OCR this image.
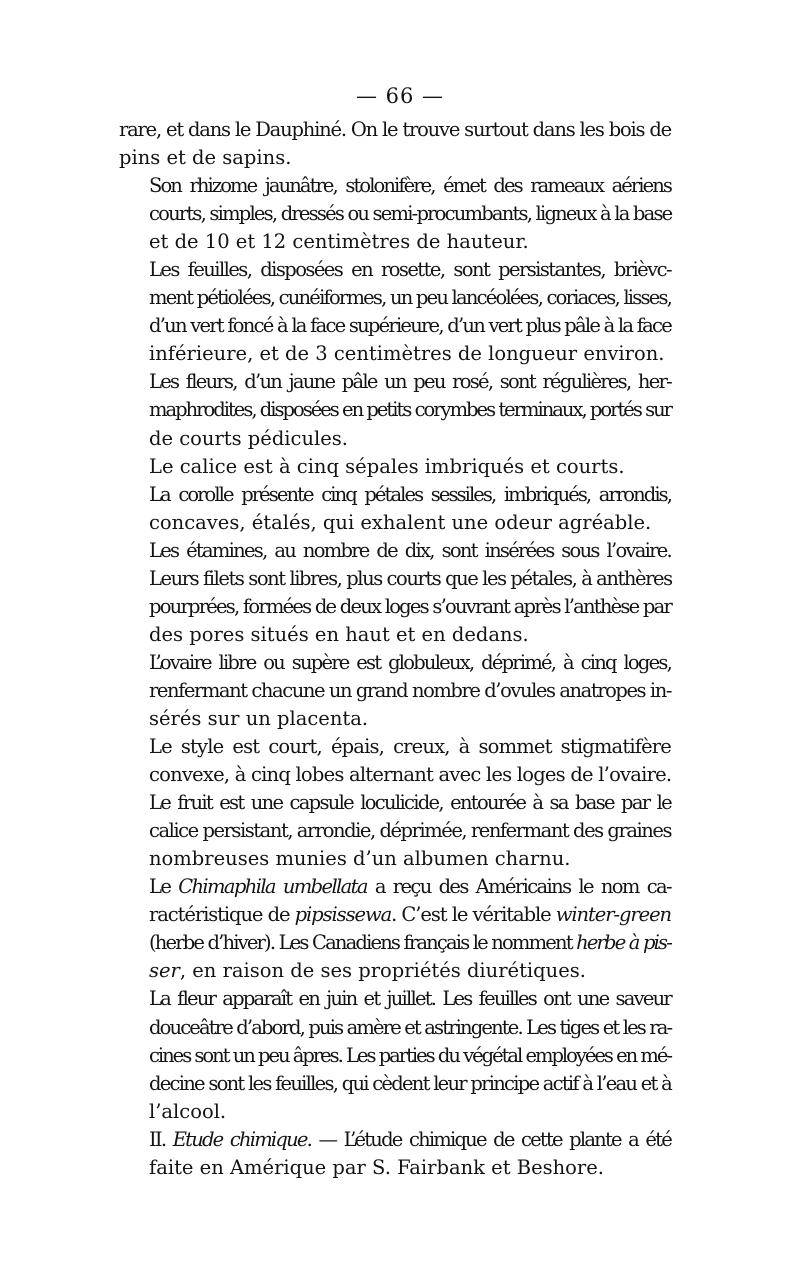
— 66 —
rare, et dans le Dauphiné. On le trouve surtout dans les bois de
pins et de sapins.
Son rhizome jaunâtre, stolonifère, émet des rameaux aériens
courts, simples, dressés ou semi-procumbants, ligneux à la base
et de 10 et 12 centimètres de hauteur.
Les feuilles, disposées en rosette, sont persistantes, brièvc-
ment pétiolées, cunéiformes, un peu lancéolées, coriaces, lisses,
d’un vert foncé à la face supérieure, d’un vert plus pâle à la face
inférieure, et de 3 centimètres de longueur environ.
Les fleurs, d’un jaune pâle un peu rosé, sont régulières, her-
maphrodites, disposées en petits corymbes terminaux, portés sur
de courts pédicules.
Le calice est à cinq sépales imbriqués et courts.
La corolle présente cinq pétales sessiles, imbriqués, arrondis,
concaves, étalés, qui exhalent une odeur agréable.
Les étamines, au nombre de dix, sont insérées sous l’ovaire.
Leurs filets sont libres, plus courts que les pétales, à anthères
pourprées, formées de deux loges s’ouvrant après l’anthèse par
des pores situés en haut et en dedans.
L’ovaire libre ou supère est globuleux, déprimé, à cinq loges,
renfermant chacune un grand nombre d’ovules anatropes in-
sérés sur un placenta.
Le style est court, épais, creux, à sommet stigmatifère
convexe, à cinq lobes alternant avec les loges de l’ovaire.
Le fruit est une capsule loculicide, entourée à sa base par le
calice persistant, arrondie, déprimée, renfermant des graines
nombreuses munies d’un albumen charnu.
Le Chimaphila umbellata a reçu des Américains le nom ca-
ractéristique de pipsissewa. C’est le véritable winter-green
(herbe d’hiver). Les Canadiens français le nomment herbe à pis-
ser, en raison de ses propriétés diurétiques.
La fleur apparaît en juin et juillet. Les feuilles ont une saveur
douceâtre d’abord, puis amère et astringente. Les tiges et les ra-
cines sont un peu âpres. Les parties du végétal employées en mé-
decine sont les feuilles, qui cèdent leur principe actif à l’eau et à
l’alcool.
II. Etude chimique. — L’étude chimique de cette plante a été
faite en Amérique par S. Fairbank et Beshore.
